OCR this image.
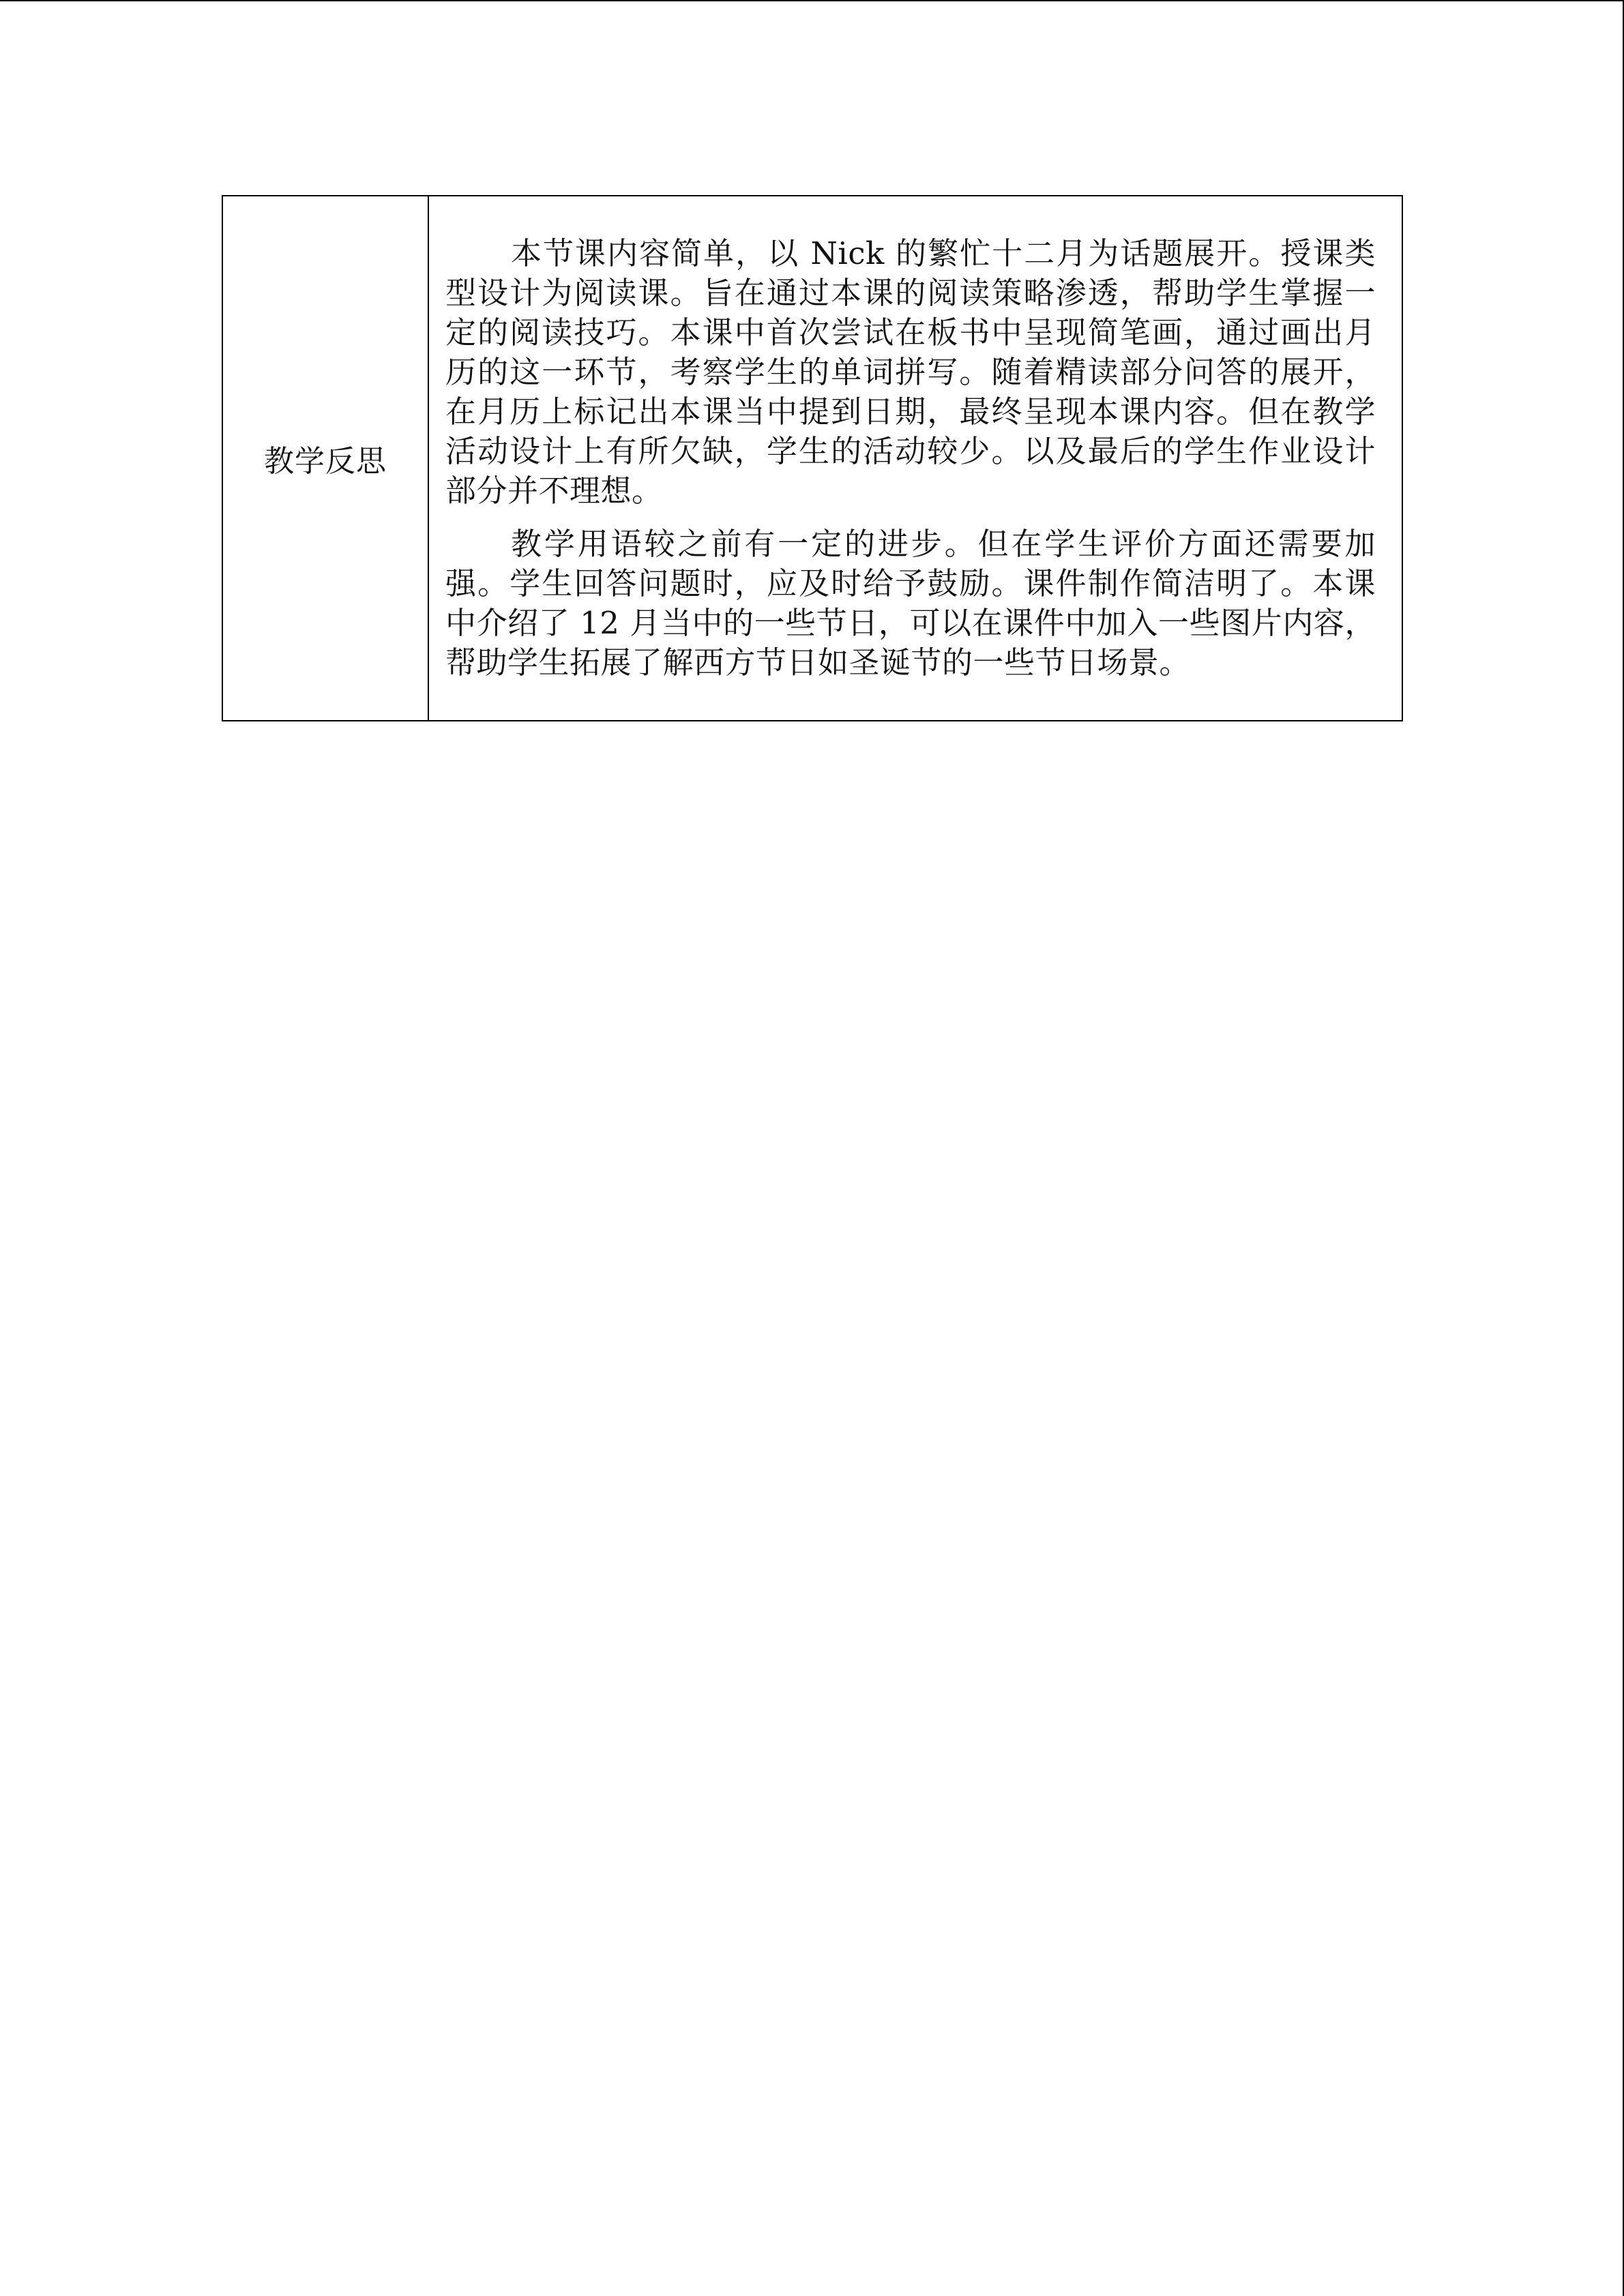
教学反思	

本节课内容简单，以 Nick 的繁忙十二月为话题展开。授课类型设计为阅读课。旨在通过本课的阅读策略渗透，帮助学生掌握一定的阅读技巧。本课中首次尝试在板书中呈现简笔画，通过画出月历的这一环节，考察学生的单词拼写。随着精读部分问答的展开，在月历上标记出本课当中提到日期，最终呈现本课内容。但在教学活动设计上有所欠缺，学生的活动较少。以及最后的学生作业设计部分并不理想。

教学用语较之前有一定的进步。但在学生评价方面还需要加强。学生回答问题时，应及时给予鼓励。课件制作简洁明了。本课中介绍了 12 月当中的一些节日，可以在课件中加入一些图片内容，帮助学生拓展了解西方节日如圣诞节的一些节日场景。
